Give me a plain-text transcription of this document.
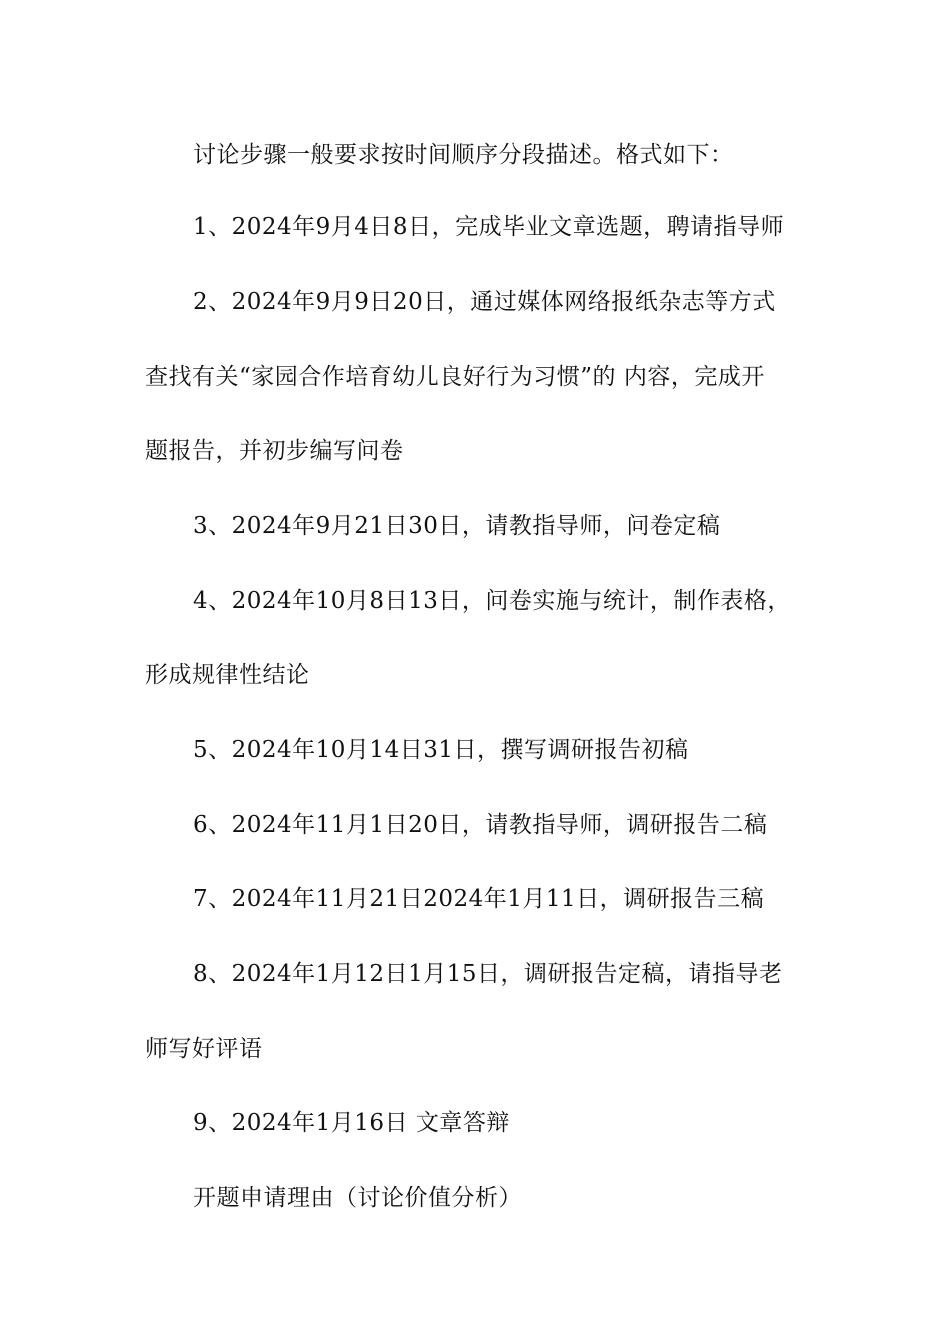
讨论步骤一般要求按时间顺序分段描述。格式如下：
1、2024年9月4日8日，完成毕业文章选题，聘请指导师
2、2024年9月9日20日，通过媒体网络报纸杂志等方式
查找有关“家园合作培育幼儿良好行为习惯”的 内容，完成开
题报告，并初步编写问卷
3、2024年9月21日30日，请教指导师，问卷定稿
4、2024年10月8日13日，问卷实施与统计，制作表格，
形成规律性结论
5、2024年10月14日31日，撰写调研报告初稿
6、2024年11月1日20日，请教指导师，调研报告二稿
7、2024年11月21日2024年1月11日，调研报告三稿
8、2024年1月12日1月15日，调研报告定稿，请指导老
师写好评语
9、2024年1月16日 文章答辩
开题申请理由（讨论价值分析）
